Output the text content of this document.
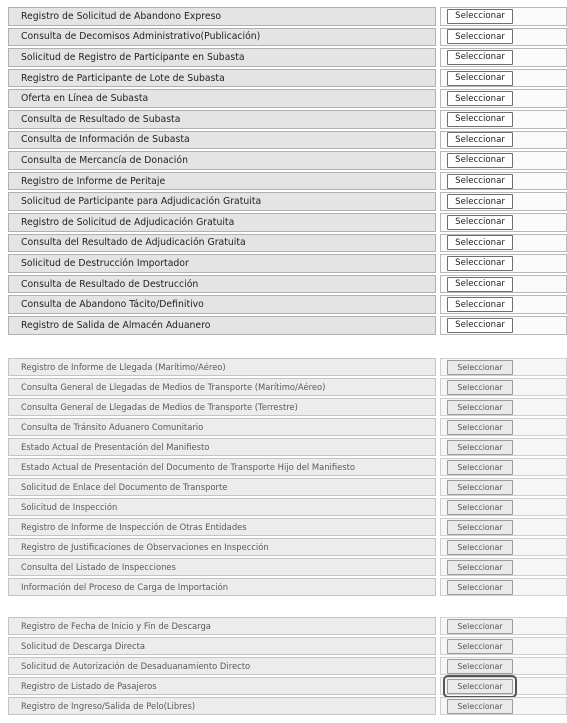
Registro de Solicitud de Abandono Expreso	Seleccionar
Consulta de Decomisos Administrativo(Publicación)	Seleccionar
Solicitud de Registro de Participante en Subasta	Seleccionar
Registro de Participante de Lote de Subasta	Seleccionar
Oferta en Línea de Subasta	Seleccionar
Consulta de Resultado de Subasta	Seleccionar
Consulta de Información de Subasta	Seleccionar
Consulta de Mercancía de Donación	Seleccionar
Registro de Informe de Peritaje	Seleccionar
Solicitud de Participante para Adjudicación Gratuita	Seleccionar
Registro de Solicitud de Adjudicación Gratuita	Seleccionar
Consulta del Resultado de Adjudicación Gratuita	Seleccionar
Solicitud de Destrucción Importador	Seleccionar
Consulta de Resultado de Destrucción	Seleccionar
Consulta de Abandono Tácito/Definitivo	Seleccionar
Registro de Salida de Almacén Aduanero	Seleccionar
Registro de Informe de Llegada (Marítimo/Aéreo)	Seleccionar
Consulta General de Llegadas de Medios de Transporte (Marítimo/Aéreo)	Seleccionar
Consulta General de Llegadas de Medios de Transporte (Terrestre)	Seleccionar
Consulta de Tránsito Aduanero Comunitario	Seleccionar
Estado Actual de Presentación del Manifiesto	Seleccionar
Estado Actual de Presentación del Documento de Transporte Hijo del Manifiesto	Seleccionar
Solicitud de Enlace del Documento de Transporte	Seleccionar
Solicitud de Inspección	Seleccionar
Registro de Informe de Inspección de Otras Entidades	Seleccionar
Registro de Justificaciones de Observaciones en Inspección	Seleccionar
Consulta del Listado de Inspecciones	Seleccionar
Información del Proceso de Carga de Importación	Seleccionar
Registro de Fecha de Inicio y Fin de Descarga	Seleccionar
Solicitud de Descarga Directa	Seleccionar
Solicitud de Autorización de Desaduanamiento Directo	Seleccionar
Registro de Listado de Pasajeros	Seleccionar
Registro de Ingreso/Salida de Pelo(Libres)	Seleccionar
